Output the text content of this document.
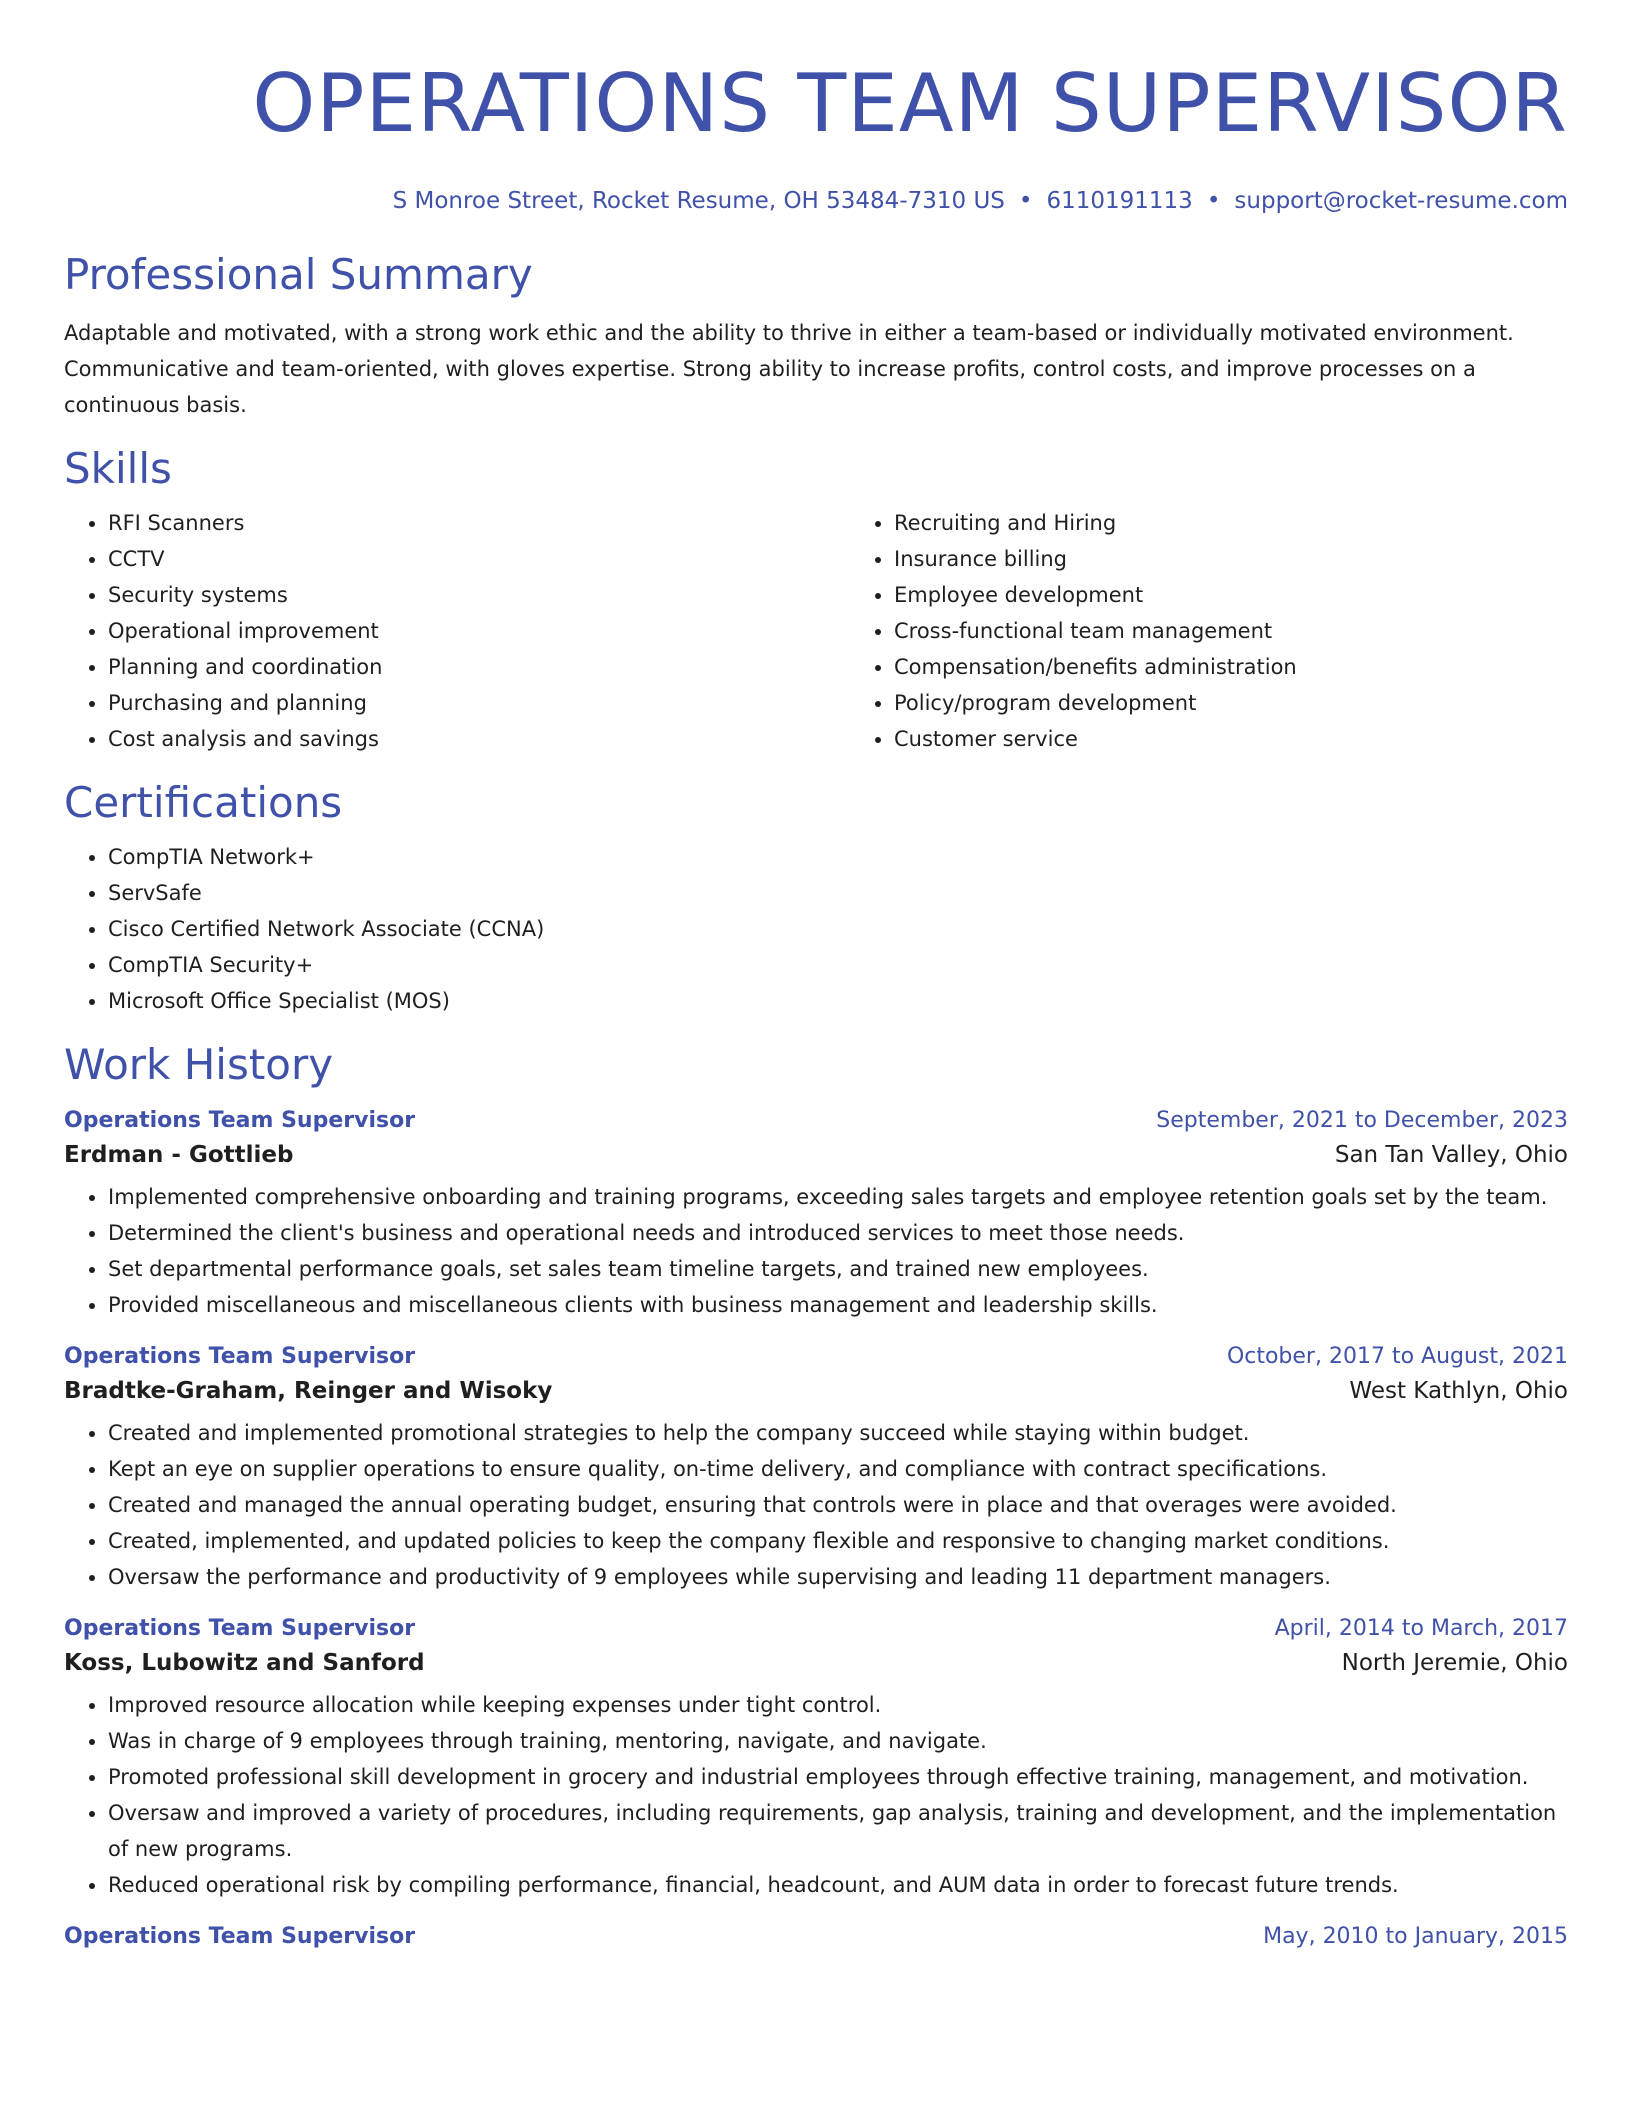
OPERATIONS TEAM SUPERVISOR
S Monroe Street, Rocket Resume, OH 53484-7310 US • 6110191113 • support@rocket-resume.com
Professional Summary

Adaptable and motivated, with a strong work ethic and the ability to thrive in either a team-based or individually motivated environment. Communicative and team-oriented, with gloves expertise. Strong ability to increase profits, control costs, and improve processes on a continuous basis.

Skills
• RFI Scanners
• CCTV
• Security systems
• Operational improvement
• Planning and coordination
• Purchasing and planning
• Cost analysis and savings
• Recruiting and Hiring
• Insurance billing
• Employee development
• Cross-functional team management
• Compensation/benefits administration
• Policy/program development
• Customer service
Certifications
• CompTIA Network+
• ServSafe
• Cisco Certified Network Associate (CCNA)
• CompTIA Security+
• Microsoft Office Specialist (MOS)
Work History
Operations Team Supervisor	September, 2021 to December, 2023
Erdman - Gottlieb	San Tan Valley, Ohio
• Implemented comprehensive onboarding and training programs, exceeding sales targets and employee retention goals set by the team.
• Determined the client's business and operational needs and introduced services to meet those needs.
• Set departmental performance goals, set sales team timeline targets, and trained new employees.
• Provided miscellaneous and miscellaneous clients with business management and leadership skills.
Operations Team Supervisor	October, 2017 to August, 2021
Bradtke-Graham, Reinger and Wisoky	West Kathlyn, Ohio
• Created and implemented promotional strategies to help the company succeed while staying within budget.
• Kept an eye on supplier operations to ensure quality, on-time delivery, and compliance with contract specifications.
• Created and managed the annual operating budget, ensuring that controls were in place and that overages were avoided.
• Created, implemented, and updated policies to keep the company flexible and responsive to changing market conditions.
• Oversaw the performance and productivity of 9 employees while supervising and leading 11 department managers.
Operations Team Supervisor	April, 2014 to March, 2017
Koss, Lubowitz and Sanford	North Jeremie, Ohio
• Improved resource allocation while keeping expenses under tight control.
• Was in charge of 9 employees through training, mentoring, navigate, and navigate.
• Promoted professional skill development in grocery and industrial employees through effective training, management, and motivation.
• Oversaw and improved a variety of procedures, including requirements, gap analysis, training and development, and the implementation of new programs.
• Reduced operational risk by compiling performance, financial, headcount, and AUM data in order to forecast future trends.
Operations Team Supervisor	May, 2010 to January, 2015
